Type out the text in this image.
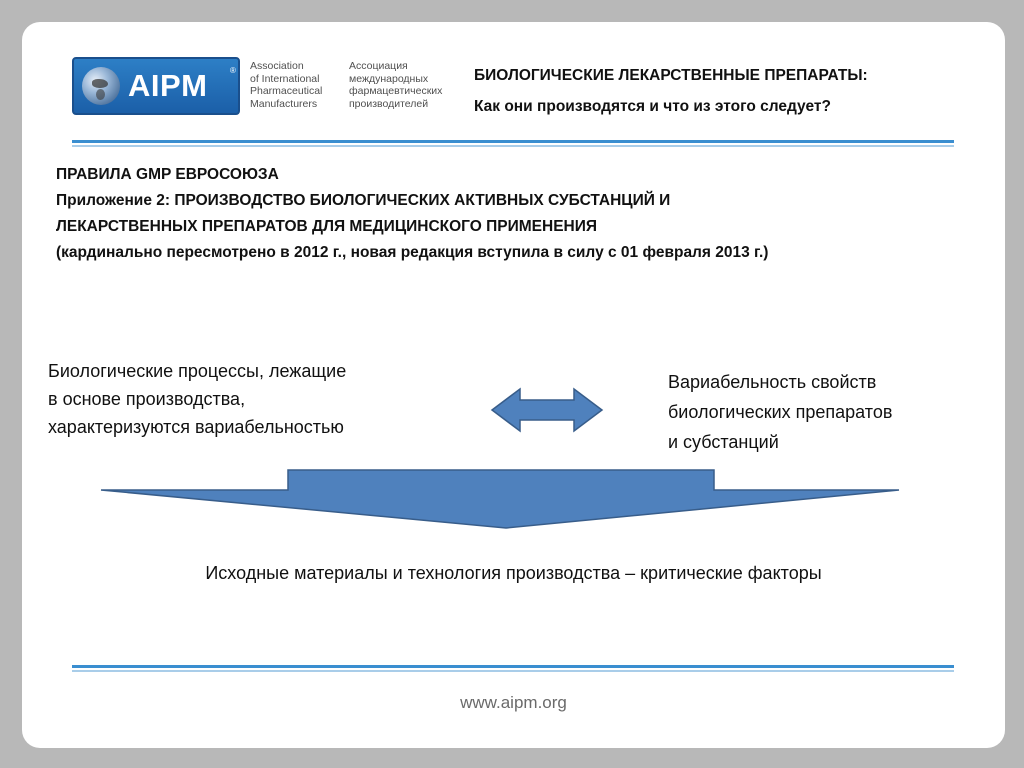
AIPM	® Association
of International
Pharmaceutical
Manufacturers
Ассоциация
международных
фармацевтических
производителей
БИОЛОГИЧЕСКИЕ ЛЕКАРСТВЕННЫЕ ПРЕПАРАТЫ:
Как они производятся и что из этого следует?
ПРАВИЛА GMP ЕВРОСОЮЗА
Приложение 2: ПРОИЗВОДСТВО БИОЛОГИЧЕСКИХ АКТИВНЫХ СУБСТАНЦИЙ И
ЛЕКАРСТВЕННЫХ ПРЕПАРАТОВ ДЛЯ МЕДИЦИНСКОГО ПРИМЕНЕНИЯ
(кардинально пересмотрено в 2012 г., новая редакция вступила в силу с 01 февраля 2013 г.)
Биологические процессы, лежащие
в основе производства,
характеризуются вариабельностью
Вариабельность свойств
биологических препаратов
и субстанций
Исходные материалы и технология производства – критические факторы
www.aipm.org
